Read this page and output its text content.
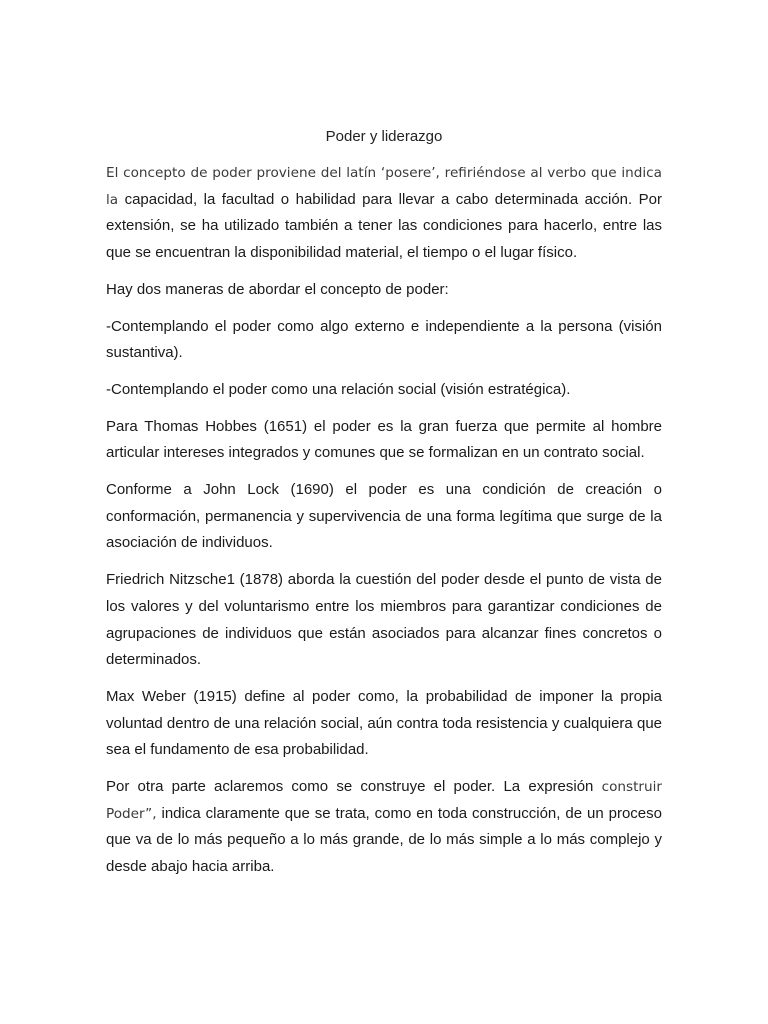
Poder y liderazgo

El concepto de poder proviene del latín ‘posere’, refiriéndose al verbo que indica la capacidad, la facultad o habilidad para llevar a cabo determinada acción. Por extensión, se ha utilizado también a tener las condiciones para hacerlo, entre las que se encuentran la disponibilidad material, el tiempo o el lugar físico.

Hay dos maneras de abordar el concepto de poder:

-Contemplando el poder como algo externo e independiente a la persona (visión sustantiva).

-Contemplando el poder como una relación social (visión estratégica).

Para Thomas Hobbes (1651) el poder es la gran fuerza que permite al hombre articular intereses integrados y comunes que se formalizan en un contrato social.

Conforme a John Lock (1690) el poder es una condición de creación o conformación, permanencia y supervivencia de una forma legítima que surge de la asociación de individuos.

Friedrich Nitzsche1 (1878) aborda la cuestión del poder desde el punto de vista de los valores y del voluntarismo entre los miembros para garantizar condiciones de agrupaciones de individuos que están asociados para alcanzar fines concretos o determinados.

Max Weber (1915) define al poder como, la probabilidad de imponer la propia voluntad dentro de una relación social, aún contra toda resistencia y cualquiera que sea el fundamento de esa probabilidad.

Por otra parte aclaremos como se construye el poder. La expresión construir Poder”, indica claramente que se trata, como en toda construcción, de un proceso que va de lo más pequeño a lo más grande, de lo más simple a lo más complejo y desde abajo hacia arriba.
